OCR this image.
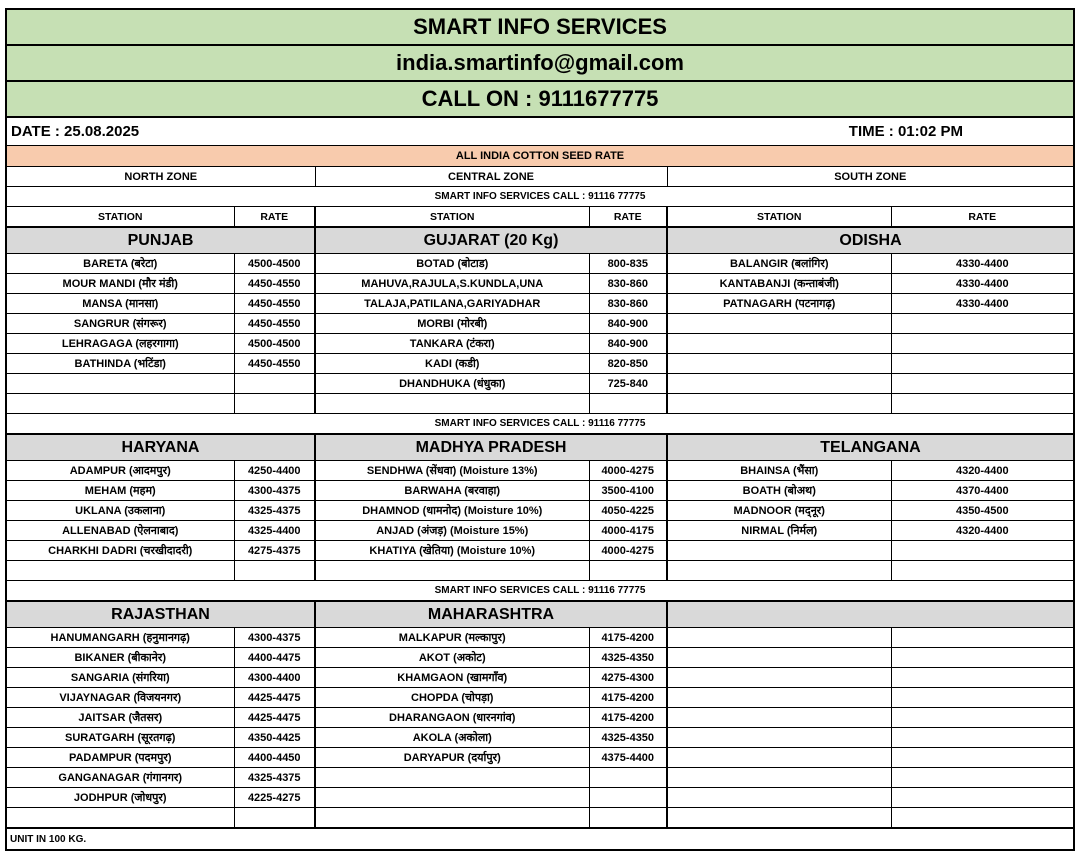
SMART INFO SERVICES					
india.smartinfo@gmail.com					
CALL ON : 9111677775					
DATE : 25.08.2025				TIME : 01:02 PM	
ALL INDIA COTTON SEED RATE					
NORTH ZONE		CENTRAL ZONE		SOUTH ZONE	
SMART INFO SERVICES CALL : 91116 77775					
STATION	RATE	STATION	RATE	STATION	RATE
PUNJAB		GUJARAT (20 Kg)		ODISHA	
BARETA (बरेटा)	4500-4500	BOTAD (बोटाड)	800-835	BALANGIR (बलांगिर)	4330-4400
MOUR MANDI (मौर मंडी)	4450-4550	MAHUVA,RAJULA,S.KUNDLA,UNA	830-860	KANTABANJI (कन्ताबंजी)	4330-4400
MANSA (मानसा)	4450-4550	TALAJA,PATILANA,GARIYADHAR	830-860	PATNAGARH (पटनागढ़)	4330-4400
SANGRUR (संगरूर)	4450-4550	MORBI (मोरबी)	840-900		
LEHRAGAGA (लहरगागा)	4500-4500	TANKARA (टंकरा)	840-900		
BATHINDA (भटिंडा)	4450-4550	KADI (कडी)	820-850		
		DHANDHUKA (धंधुका)	725-840		

SMART INFO SERVICES CALL : 91116 77775					
HARYANA		MADHYA PRADESH		TELANGANA	
ADAMPUR (आदमपुर)	4250-4400	SENDHWA (सेंधवा) (Moisture 13%)	4000-4275	BHAINSA (भैंसा)	4320-4400
MEHAM (महम)	4300-4375	BARWAHA (बरवाहा)	3500-4100	BOATH (बोअथ)	4370-4400
UKLANA (उकलाना)	4325-4375	DHAMNOD (धामनोद) (Moisture 10%)	4050-4225	MADNOOR (मद्नूर)	4350-4500
ALLENABAD (ऐलनाबाद)	4325-4400	ANJAD (अंजड़) (Moisture 15%)	4000-4175	NIRMAL (निर्मल)	4320-4400
CHARKHI DADRI (चरखीदादरी)	4275-4375	KHATIYA (खेतिया) (Moisture 10%)	4000-4275		

SMART INFO SERVICES CALL : 91116 77775					
RAJASTHAN		MAHARASHTRA			
HANUMANGARH (हनुमानगढ़)	4300-4375	MALKAPUR (मल्कापुर)	4175-4200		
BIKANER (बीकानेर)	4400-4475	AKOT (अकोट)	4325-4350		
SANGARIA (संगरिया)	4300-4400	KHAMGAON (खामगाँव)	4275-4300		
VIJAYNAGAR (विजयनगर)	4425-4475	CHOPDA (चोपड़ा)	4175-4200		
JAITSAR (जैतसर)	4425-4475	DHARANGAON (धारनगांव)	4175-4200		
SURATGARH (सूरतगढ़)	4350-4425	AKOLA (अकोला)	4325-4350		
PADAMPUR (पदमपुर)	4400-4450	DARYAPUR (दर्यापुर)	4375-4400		
GANGANAGAR (गंगानगर)	4325-4375				
JODHPUR (जोधपुर)	4225-4275				

UNIT IN 100 KG.					
